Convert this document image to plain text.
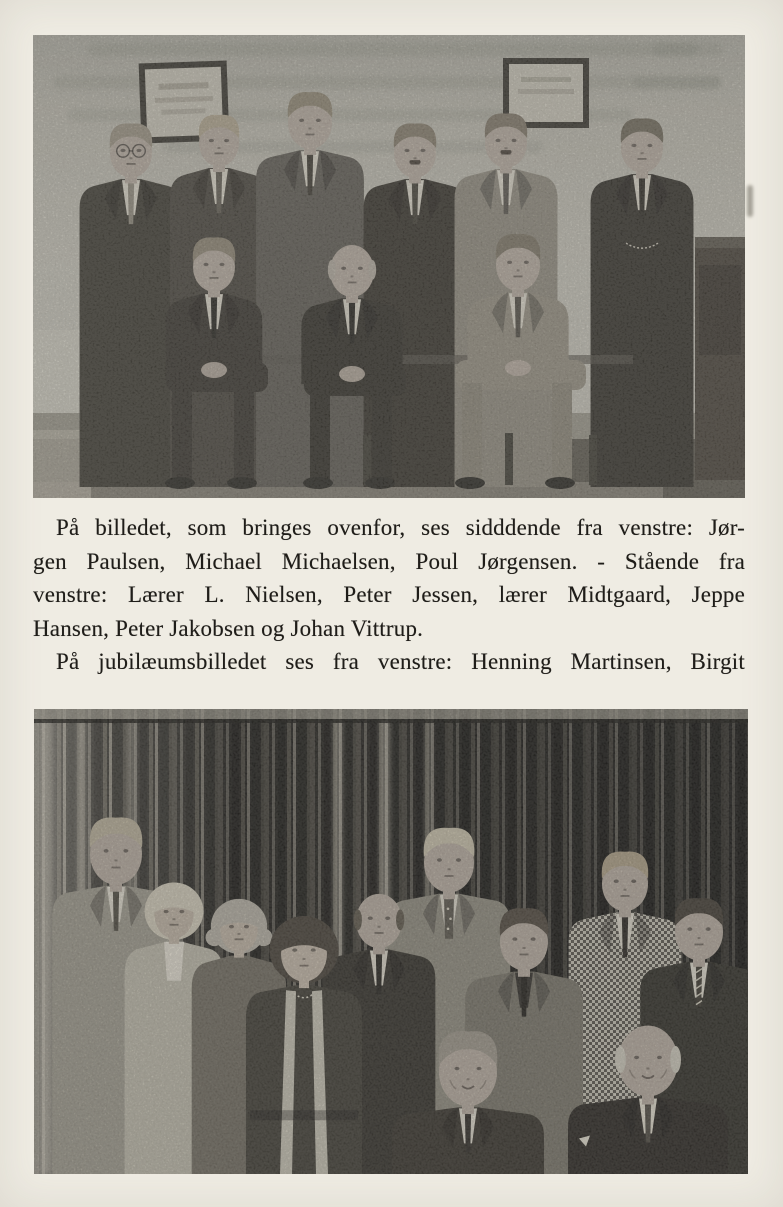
På billedet, som bringes ovenfor, ses sidddende fra venstre: Jør-
gen Paulsen, Michael Michaelsen, Poul Jørgensen. - Stående fra
venstre: Lærer L. Nielsen, Peter Jessen, lærer Midtgaard, Jeppe
Hansen, Peter Jakobsen og Johan Vittrup.
På jubilæumsbilledet ses fra venstre: Henning Martinsen, Birgit
